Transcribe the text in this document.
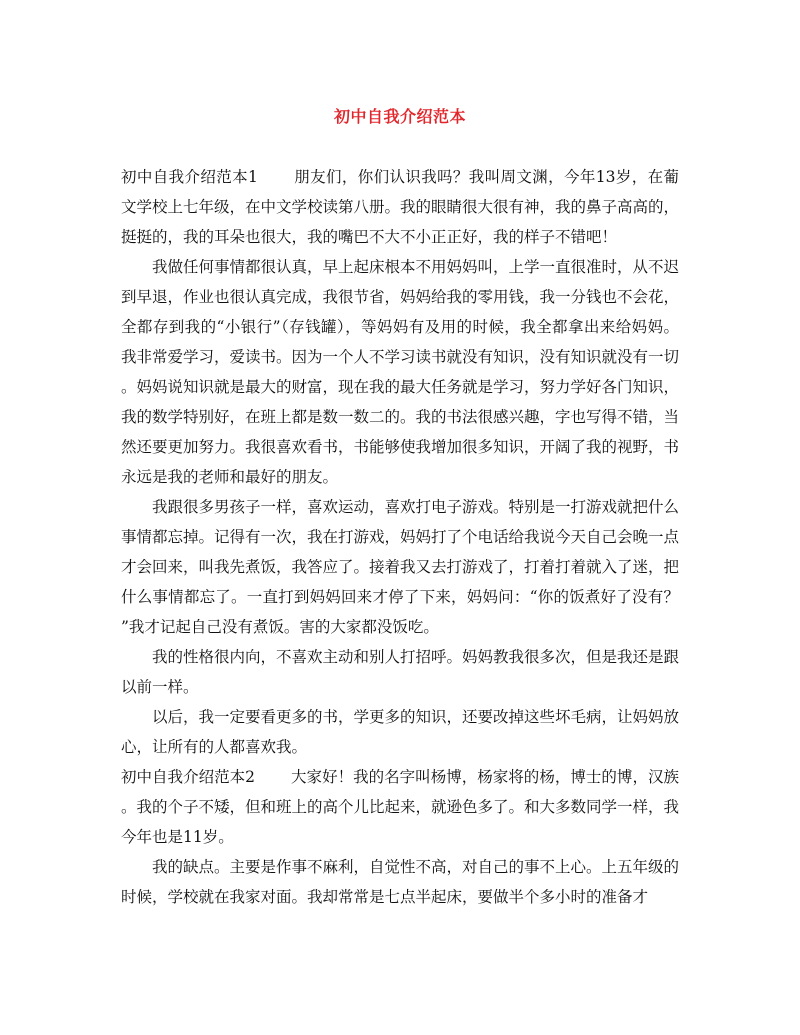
初中自我介绍范本

初中自我介绍范本1 朋友们，你们认识我吗？我叫周文渊，今年13岁，在葡文学校上七年级，在中文学校读第八册。我的眼睛很大很有神，我的鼻子高高的，挺挺的，我的耳朵也很大，我的嘴巴不大不小正正好，我的样子不错吧！

我做任何事情都很认真，早上起床根本不用妈妈叫，上学一直很准时，从不迟到早退，作业也很认真完成，我很节省，妈妈给我的零用钱，我一分钱也不会花，全都存到我的“小银行”（存钱罐），等妈妈有及用的时候，我全都拿出来给妈妈。我非常爱学习，爱读书。因为一个人不学习读书就没有知识，没有知识就没有一切。妈妈说知识就是最大的财富，现在我的最大任务就是学习，努力学好各门知识，我的数学特别好，在班上都是数一数二的。我的书法很感兴趣，字也写得不错，当然还要更加努力。我很喜欢看书，书能够使我增加很多知识，开阔了我的视野，书永远是我的老师和最好的朋友。

我跟很多男孩子一样，喜欢运动，喜欢打电子游戏。特别是一打游戏就把什么事情都忘掉。记得有一次，我在打游戏，妈妈打了个电话给我说今天自己会晚一点才会回来，叫我先煮饭，我答应了。接着我又去打游戏了，打着打着就入了迷，把什么事情都忘了。一直打到妈妈回来才停了下来，妈妈问：“你的饭煮好了没有？”我才记起自己没有煮饭。害的大家都没饭吃。

我的性格很内向，不喜欢主动和别人打招呼。妈妈教我很多次，但是我还是跟以前一样。

以后，我一定要看更多的书，学更多的知识，还要改掉这些坏毛病，让妈妈放心，让所有的人都喜欢我。

初中自我介绍范本2 大家好！我的名字叫杨博，杨家将的杨，博士的博，汉族。我的个子不矮，但和班上的高个儿比起来，就逊色多了。和大多数同学一样，我今年也是11岁。

我的缺点。主要是作事不麻利，自觉性不高，对自己的事不上心。上五年级的时候，学校就在我家对面。我却常常是七点半起床，要做半个多小时的准备才
